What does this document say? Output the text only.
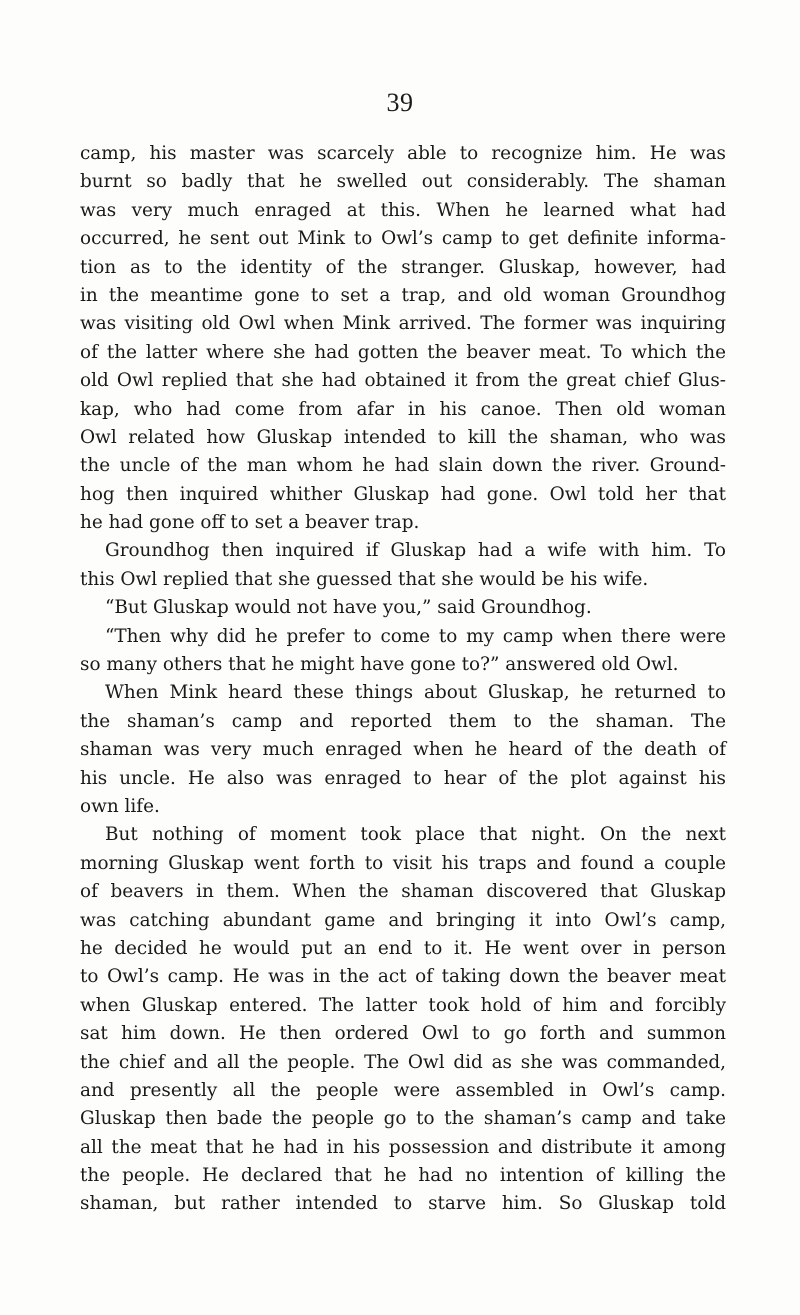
39
camp, his master was scarcely able to recognize him. He was
burnt so badly that he swelled out considerably. The shaman
was very much enraged at this. When he learned what had
occurred, he sent out Mink to Owl’s camp to get definite informa-
tion as to the identity of the stranger. Gluskap, however, had
in the meantime gone to set a trap, and old woman Groundhog
was visiting old Owl when Mink arrived. The former was inquiring
of the latter where she had gotten the beaver meat. To which the
old Owl replied that she had obtained it from the great chief Glus-
kap, who had come from afar in his canoe. Then old woman
Owl related how Gluskap intended to kill the shaman, who was
the uncle of the man whom he had slain down the river. Ground-
hog then inquired whither Gluskap had gone. Owl told her that
he had gone off to set a beaver trap.
Groundhog then inquired if Gluskap had a wife with him. To
this Owl replied that she guessed that she would be his wife.
“But Gluskap would not have you,” said Groundhog.
“Then why did he prefer to come to my camp when there were
so many others that he might have gone to?” answered old Owl.
When Mink heard these things about Gluskap, he returned to
the shaman’s camp and reported them to the shaman. The
shaman was very much enraged when he heard of the death of
his uncle. He also was enraged to hear of the plot against his
own life.
But nothing of moment took place that night. On the next
morning Gluskap went forth to visit his traps and found a couple
of beavers in them. When the shaman discovered that Gluskap
was catching abundant game and bringing it into Owl’s camp,
he decided he would put an end to it. He went over in person
to Owl’s camp. He was in the act of taking down the beaver meat
when Gluskap entered. The latter took hold of him and forcibly
sat him down. He then ordered Owl to go forth and summon
the chief and all the people. The Owl did as she was commanded,
and presently all the people were assembled in Owl’s camp.
Gluskap then bade the people go to the shaman’s camp and take
all the meat that he had in his possession and distribute it among
the people. He declared that he had no intention of killing the
shaman, but rather intended to starve him. So Gluskap told
